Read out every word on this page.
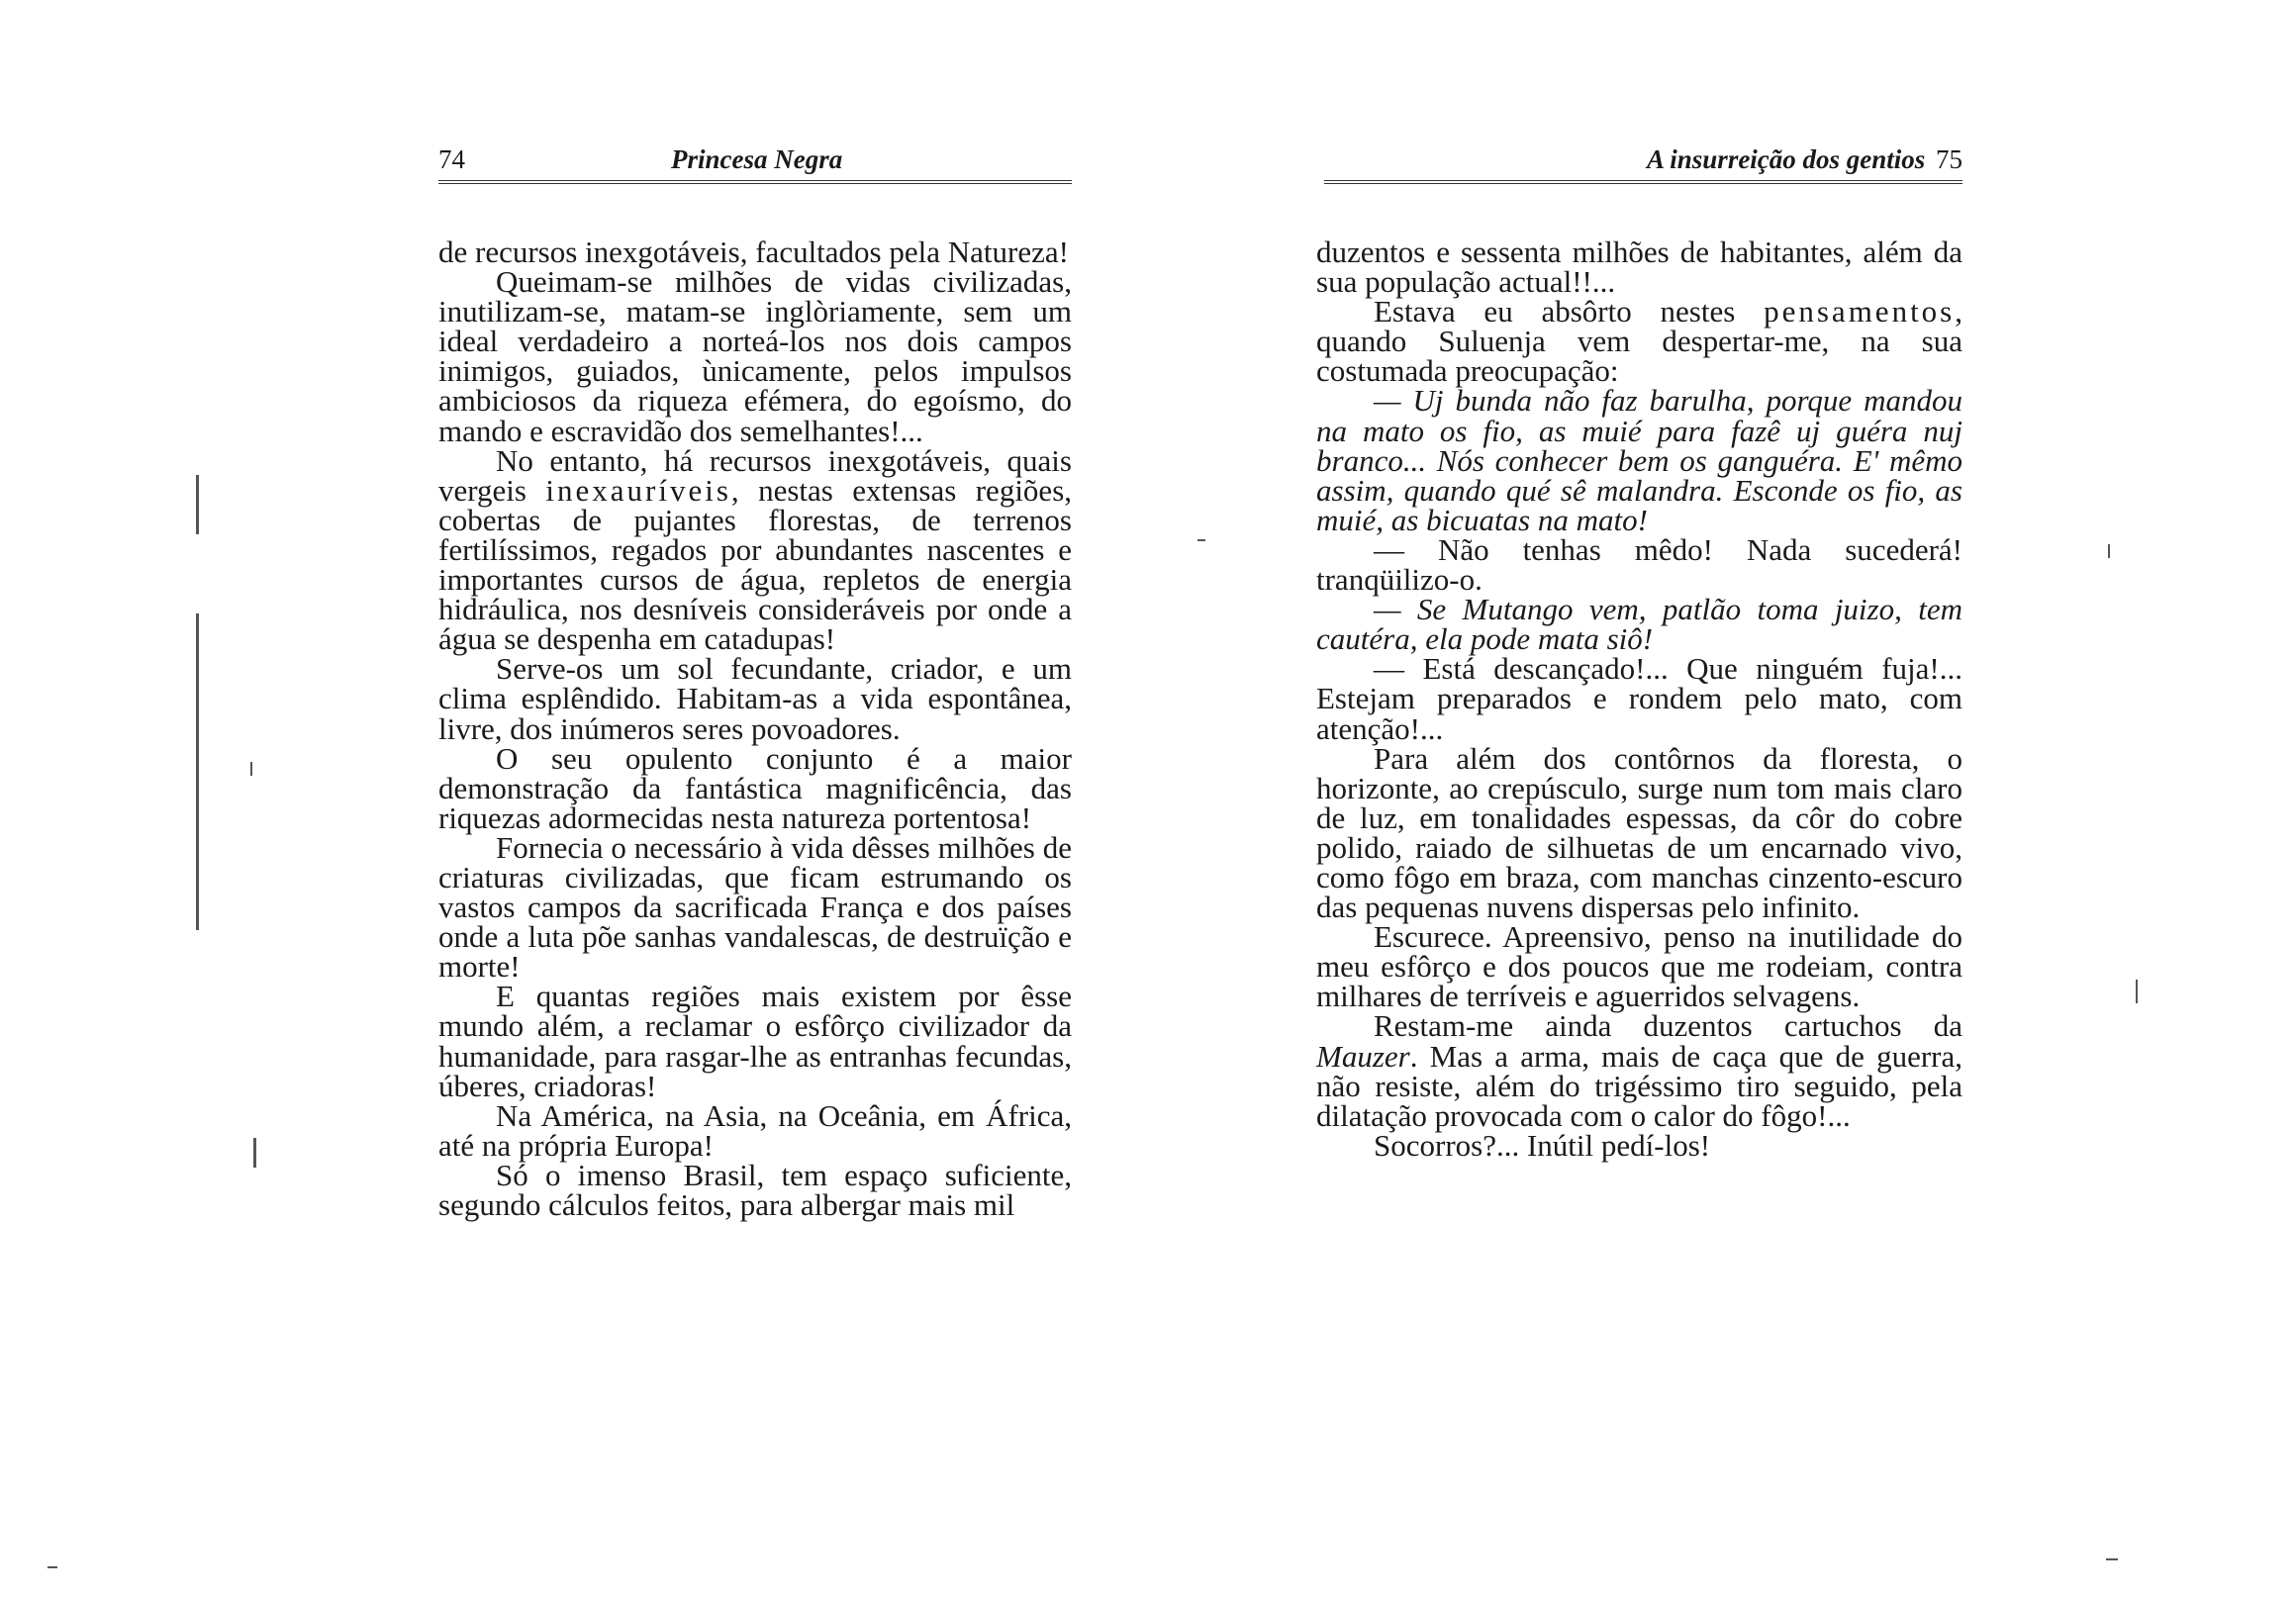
74	Princesa Negra

de recursos inexgotáveis, facultados pela Natureza!

Queimam-se milhões de vidas civilizadas, inutilizam-se, matam-se inglòriamente, sem um ideal verdadeiro a norteá-los nos dois campos inimigos, guiados, ùnicamente, pelos impulsos ambiciosos da riqueza efémera, do egoísmo, do mando e escravidão dos semelhantes!...

No entanto, há recursos inexgotáveis, quais vergeis inexauríveis, nestas extensas regiões, cobertas de pujantes florestas, de terrenos fertilíssimos, regados por abundantes nascentes e importantes cursos de água, repletos de energia hidráulica, nos desníveis consideráveis por onde a água se despenha em catadupas!

Serve-os um sol fecundante, criador, e um clima esplêndido. Habitam-as a vida espontânea, livre, dos inúmeros seres povoadores.

O seu opulento conjunto é a maior demonstração da fantástica magnificência, das riquezas adormecidas nesta natureza portentosa!

Fornecia o necessário à vida dêsses milhões de criaturas civilizadas, que ficam estrumando os vastos campos da sacrificada França e dos países onde a luta põe sanhas vandalescas, de destruïção e morte!

E quantas regiões mais existem por êsse mundo além, a reclamar o esfôrço civilizador da humanidade, para rasgar-lhe as entranhas fecundas, úberes, criadoras!

Na América, na Asia, na Oceânia, em África, até na própria Europa!

Só o imenso Brasil, tem espaço suficiente, segundo cálculos feitos, para albergar mais mil

A insurreição dos gentios 75

duzentos e sessenta milhões de habitantes, além da sua população actual!!...

Estava eu absôrto nestes pensamentos, quando Suluenja vem despertar-me, na sua costumada preocupação:

— Uj bunda não faz barulha, porque mandou na mato os fio, as muié para fazê uj guéra nuj branco... Nós conhecer bem os ganguéra. E' mêmo assim, quando qué sê malandra. Esconde os fio, as muié, as bicuatas na mato!

— Não tenhas mêdo! Nada sucederá! tranqüilizo-o.

— Se Mutango vem, patlão toma juizo, tem cautéra, ela pode mata siô!

— Está descançado!... Que ninguém fuja!... Estejam preparados e rondem pelo mato, com atenção!...

Para além dos contôrnos da floresta, o horizonte, ao crepúsculo, surge num tom mais claro de luz, em tonalidades espessas, da côr do cobre polido, raiado de silhuetas de um encarnado vivo, como fôgo em braza, com manchas cinzento-escuro das pequenas nuvens dispersas pelo infinito.

Escurece. Apreensivo, penso na inutilidade do meu esfôrço e dos poucos que me rodeiam, contra milhares de terríveis e aguerridos selvagens.

Restam-me ainda duzentos cartuchos da Mauzer. Mas a arma, mais de caça que de guerra, não resiste, além do trigéssimo tiro seguido, pela dilatação provocada com o calor do fôgo!...

Socorros?... Inútil pedí-los!
